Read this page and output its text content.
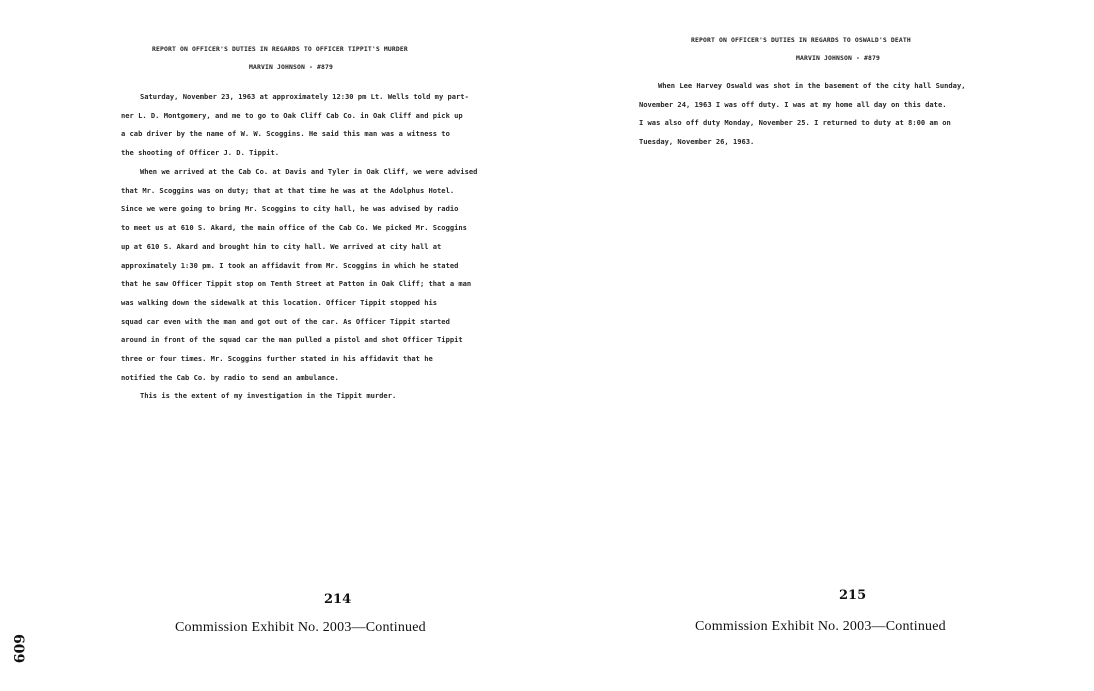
REPORT ON OFFICER'S DUTIES IN REGARDS TO OFFICER TIPPIT'S MURDER
MARVIN JOHNSON - #879
Saturday, November 23, 1963 at approximately 12:30 pm Lt. Wells told my part-
ner L. D. Montgomery, and me to go to Oak Cliff Cab Co. in Oak Cliff and pick up
a cab driver by the name of W. W. Scoggins. He said this man was a witness to
the shooting of Officer J. D. Tippit.
When we arrived at the Cab Co. at Davis and Tyler in Oak Cliff, we were advised
that Mr. Scoggins was on duty; that at that time he was at the Adolphus Hotel.
Since we were going to bring Mr. Scoggins to city hall, he was advised by radio
to meet us at 610 S. Akard, the main office of the Cab Co. We picked Mr. Scoggins
up at 610 S. Akard and brought him to city hall. We arrived at city hall at
approximately 1:30 pm. I took an affidavit from Mr. Scoggins in which he stated
that he saw Officer Tippit stop on Tenth Street at Patton in Oak Cliff; that a man
was walking down the sidewalk at this location. Officer Tippit stopped his
squad car even with the man and got out of the car. As Officer Tippit started
around in front of the squad car the man pulled a pistol and shot Officer Tippit
three or four times. Mr. Scoggins further stated in his affidavit that he
notified the Cab Co. by radio to send an ambulance.
This is the extent of my investigation in the Tippit murder.
214
Commission Exhibit No. 2003—Continued
REPORT ON OFFICER'S DUTIES IN REGARDS TO OSWALD'S DEATH
MARVIN JOHNSON - #879
When Lee Harvey Oswald was shot in the basement of the city hall Sunday,
November 24, 1963 I was off duty. I was at my home all day on this date.
I was also off duty Monday, November 25. I returned to duty at 8:00 am on
Tuesday, November 26, 1963.
215
Commission Exhibit No. 2003—Continued
609
